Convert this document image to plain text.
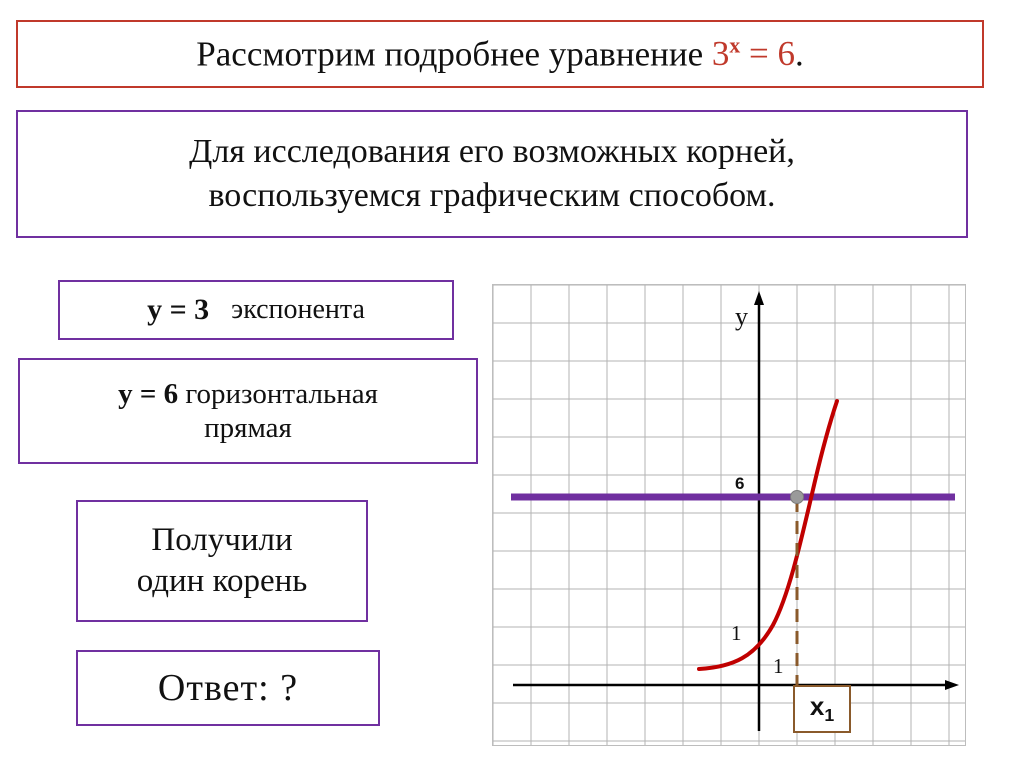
Рассмотрим подробнее уравнение $3^x = 6$.
Для исследования его возможных корней,
воспользуемся графическим способом.
y = 3 экспонента
y = 6 горизонтальная
прямая
Получили
один корень
Ответ: ?
y
6
1
1
$x_1$
